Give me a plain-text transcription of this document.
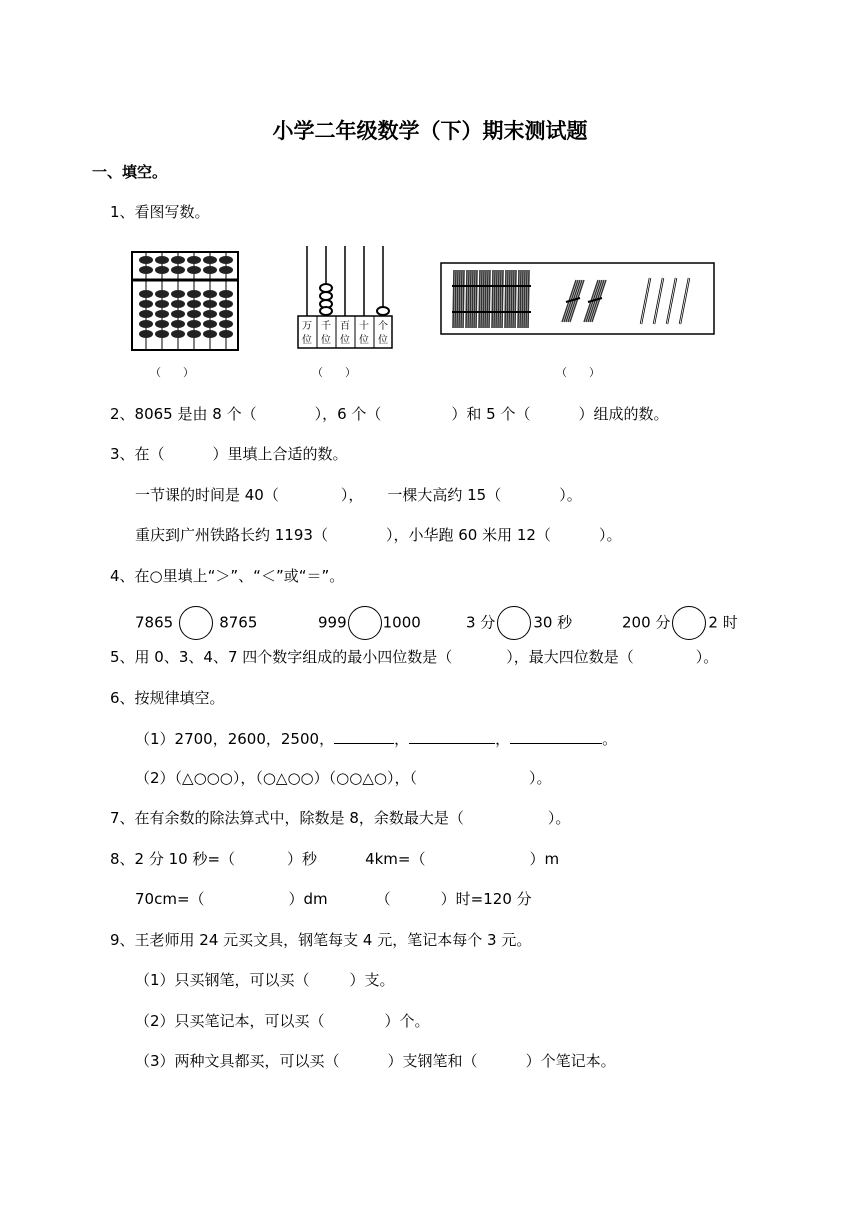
小学二年级数学（下）期末测试题
一、填空。
1、看图写数。
（　　）
万
位
千
位
百
位
十
位
个
位
（　　）	（　　）
2、8065 是由 8 个（	），6 个（	）和 5 个（	）组成的数。
3、在（	）里填上合适的数。
一节课的时间是 40（	）， 一棵大高约 15（	）。
重庆到广州铁路长约 1193（	），小华跑 60 米用 12（	）。
4、在○里填上“＞”、“＜”或“＝”。
7865	8765	999 1000	3 分	30 秒	200 分	2 时
5、用 0、3、4、7 四个数字组成的最小四位数是（	），最大四位数是（	）。
6、按规律填空。
（1）2700，2600，2500，	，	，	。
（2）（△○○○），（○△○○）（○○△○），（	）。
7、在有余数的除法算式中，除数是 8，余数最大是（	）。
8、2 分 10 秒=（	）秒	4km=（	）m
70cm=（	）dm	（	）时=120 分
9、王老师用 24 元买文具，钢笔每支 4 元，笔记本每个 3 元。
（1）只买钢笔，可以买（	）支。
（2）只买笔记本，可以买（	）个。
（3）两种文具都买，可以买（	）支钢笔和（	）个笔记本。
